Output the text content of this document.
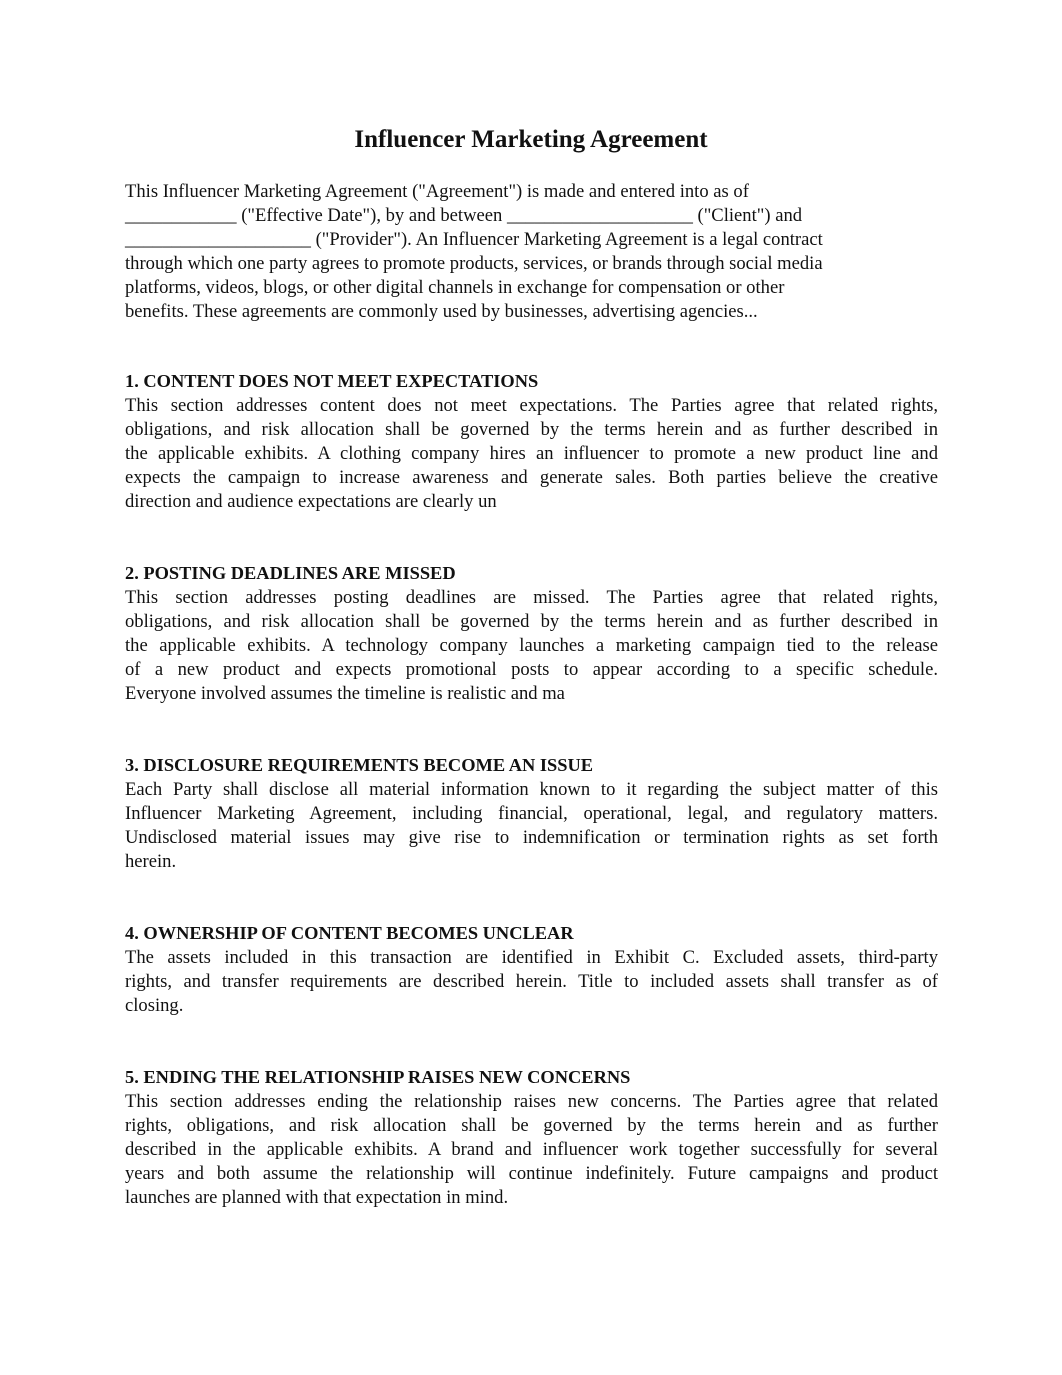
Influencer Marketing Agreement

This Influencer Marketing Agreement ("Agreement") is made and entered into as of
____________ ("Effective Date"), by and between ____________________ ("Client") and
____________________ ("Provider"). An Influencer Marketing Agreement is a legal contract
through which one party agrees to promote products, services, or brands through social media
platforms, videos, blogs, or other digital channels in exchange for compensation or other
benefits. These agreements are commonly used by businesses, advertising agencies...

1. CONTENT DOES NOT MEET EXPECTATIONS

This section addresses content does not meet expectations. The Parties agree that related rights,
obligations, and risk allocation shall be governed by the terms herein and as further described in
the applicable exhibits. A clothing company hires an influencer to promote a new product line and
expects the campaign to increase awareness and generate sales. Both parties believe the creative
direction and audience expectations are clearly un

2. POSTING DEADLINES ARE MISSED

This section addresses posting deadlines are missed. The Parties agree that related rights,
obligations, and risk allocation shall be governed by the terms herein and as further described in
the applicable exhibits. A technology company launches a marketing campaign tied to the release
of a new product and expects promotional posts to appear according to a specific schedule.
Everyone involved assumes the timeline is realistic and ma

3. DISCLOSURE REQUIREMENTS BECOME AN ISSUE

Each Party shall disclose all material information known to it regarding the subject matter of this
Influencer Marketing Agreement, including financial, operational, legal, and regulatory matters.
Undisclosed material issues may give rise to indemnification or termination rights as set forth
herein.

4. OWNERSHIP OF CONTENT BECOMES UNCLEAR

The assets included in this transaction are identified in Exhibit C. Excluded assets, third-party
rights, and transfer requirements are described herein. Title to included assets shall transfer as of
closing.

5. ENDING THE RELATIONSHIP RAISES NEW CONCERNS

This section addresses ending the relationship raises new concerns. The Parties agree that related
rights, obligations, and risk allocation shall be governed by the terms herein and as further
described in the applicable exhibits. A brand and influencer work together successfully for several
years and both assume the relationship will continue indefinitely. Future campaigns and product
launches are planned with that expectation in mind.
